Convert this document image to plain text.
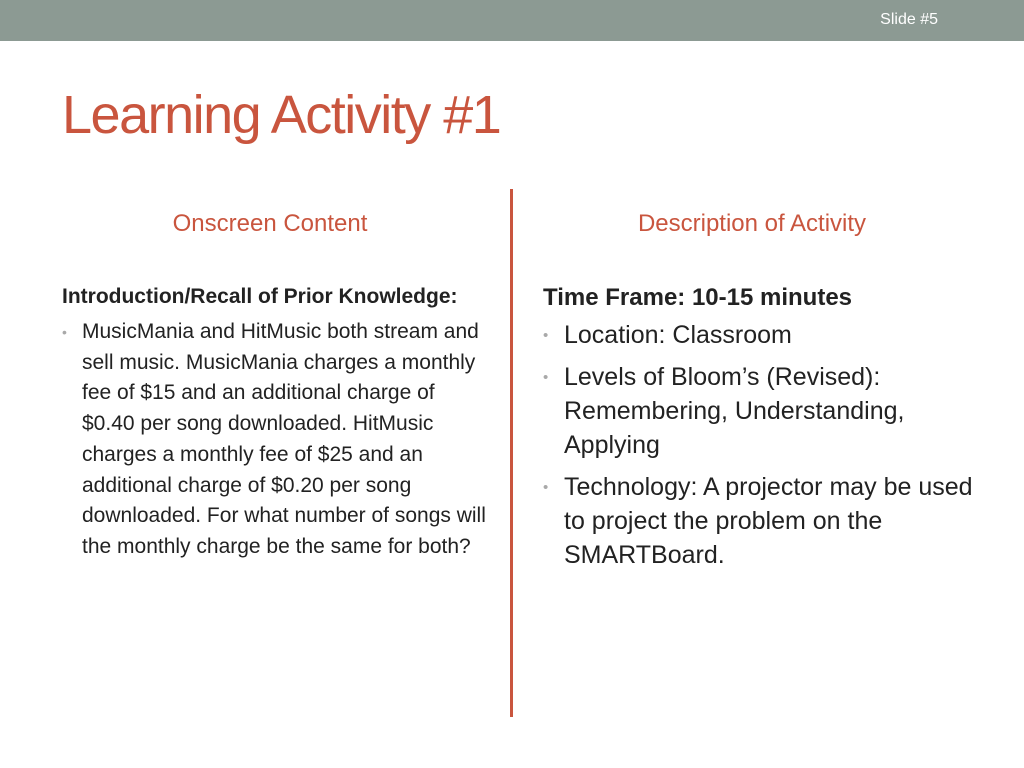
Slide #5
Learning Activity #1
Onscreen Content	Description of Activity

Introduction/Recall of Prior Knowledge:

• MusicMania and HitMusic both stream and sell music. MusicMania charges a monthly fee of $15 and an additional charge of $0.40 per song downloaded. HitMusic charges a monthly fee of $25 and an additional charge of $0.20 per song downloaded. For what number of songs will the monthly charge be the same for both?

Time Frame: 10-15 minutes

• Location: Classroom
• Levels of Bloom’s (Revised): Remembering, Understanding, Applying
• Technology: A projector may be used to project the problem on the SMARTBoard.
